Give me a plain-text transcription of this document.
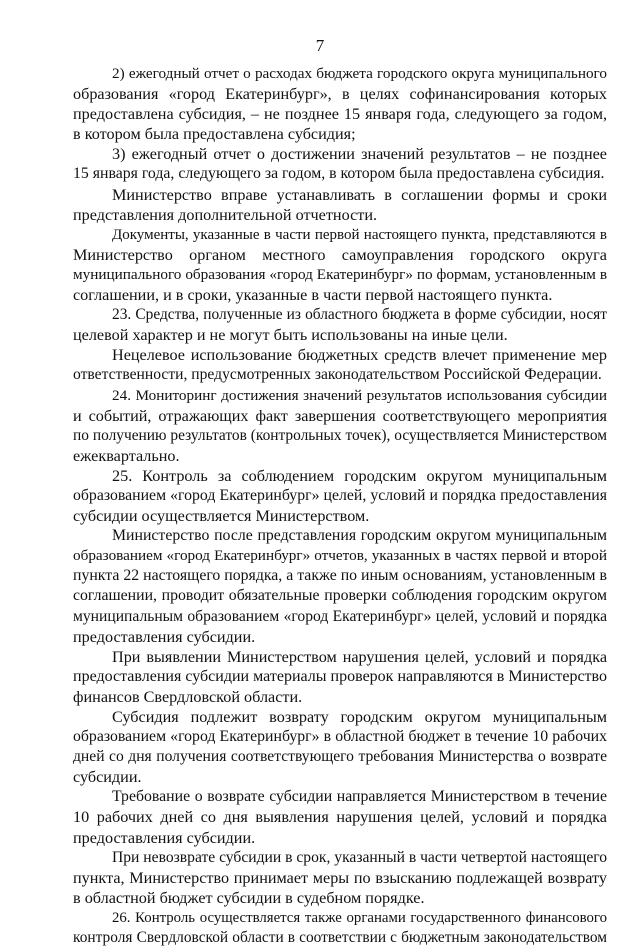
7
2) ежегодный отчет о расходах бюджета городского округа муниципального
образования «город Екатеринбург», в целях софинансирования которых
предоставлена субсидия, – не позднее 15 января года, следующего за годом,
в котором была предоставлена субсидия;
3) ежегодный отчет о достижении значений результатов – не позднее
15 января года, следующего за годом, в котором была предоставлена субсидия.
Министерство вправе устанавливать в соглашении формы и сроки
представления дополнительной отчетности.
Документы, указанные в части первой настоящего пункта, представляются в
Министерство органом местного самоуправления городского округа
муниципального образования «город Екатеринбург» по формам, установленным в
соглашении, и в сроки, указанные в части первой настоящего пункта.
23. Средства, полученные из областного бюджета в форме субсидии, носят
целевой характер и не могут быть использованы на иные цели.
Нецелевое использование бюджетных средств влечет применение мер
ответственности, предусмотренных законодательством Российской Федерации.
24. Мониторинг достижения значений результатов использования субсидии
и событий, отражающих факт завершения соответствующего мероприятия
по получению результатов (контрольных точек), осуществляется Министерством
ежеквартально.
25. Контроль за соблюдением городским округом муниципальным
образованием «город Екатеринбург» целей, условий и порядка предоставления
субсидии осуществляется Министерством.
Министерство после представления городским округом муниципальным
образованием «город Екатеринбург» отчетов, указанных в частях первой и второй
пункта 22 настоящего порядка, а также по иным основаниям, установленным в
соглашении, проводит обязательные проверки соблюдения городским округом
муниципальным образованием «город Екатеринбург» целей, условий и порядка
предоставления субсидии.
При выявлении Министерством нарушения целей, условий и порядка
предоставления субсидии материалы проверок направляются в Министерство
финансов Свердловской области.
Субсидия подлежит возврату городским округом муниципальным
образованием «город Екатеринбург» в областной бюджет в течение 10 рабочих
дней со дня получения соответствующего требования Министерства о возврате
субсидии.
Требование о возврате субсидии направляется Министерством в течение
10 рабочих дней со дня выявления нарушения целей, условий и порядка
предоставления субсидии.
При невозврате субсидии в срок, указанный в части четвертой настоящего
пункта, Министерство принимает меры по взысканию подлежащей возврату
в областной бюджет субсидии в судебном порядке.
26. Контроль осуществляется также органами государственного финансового
контроля Свердловской области в соответствии с бюджетным законодательством
